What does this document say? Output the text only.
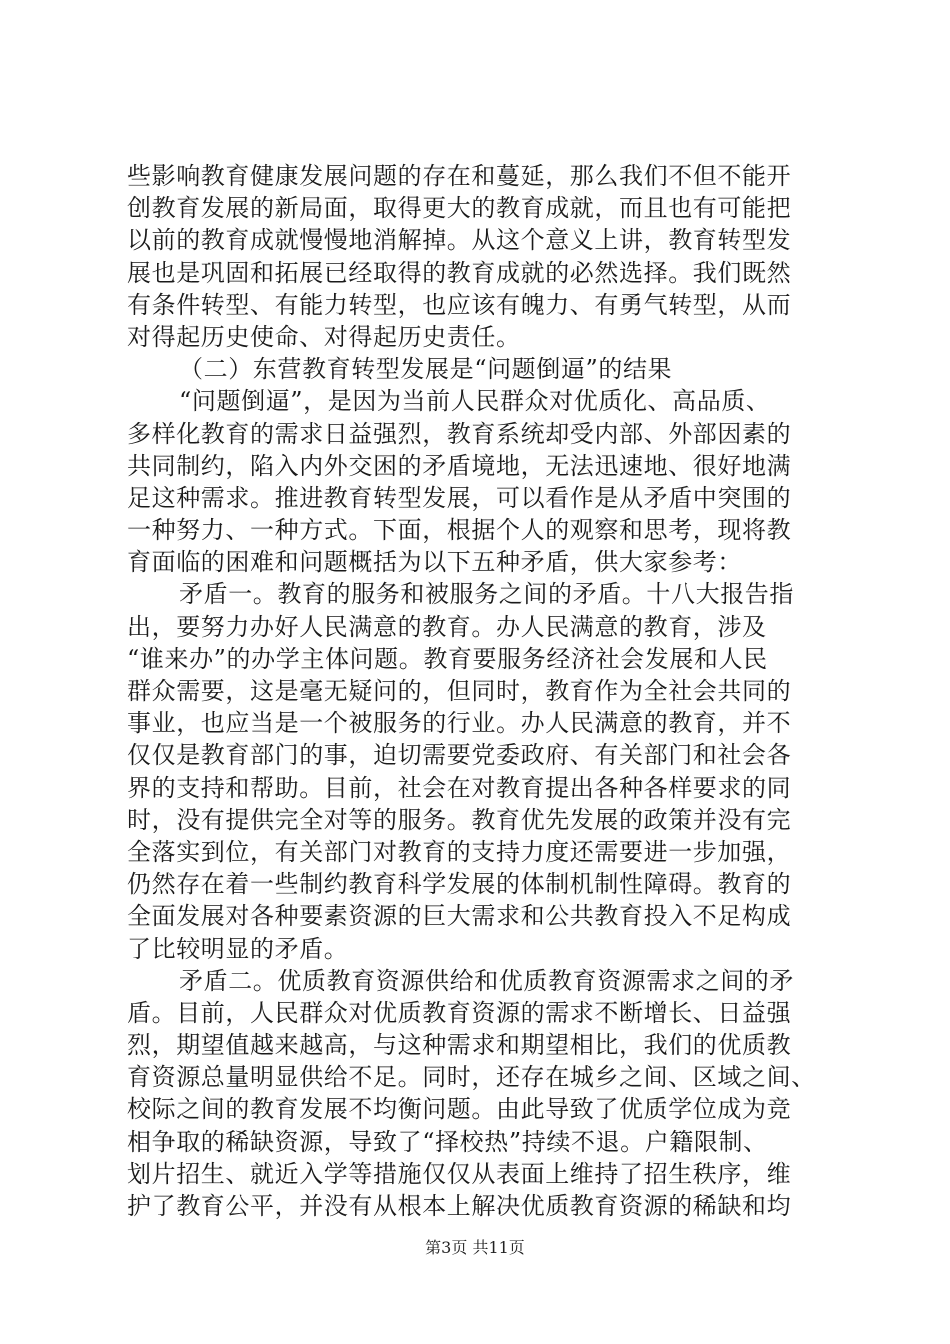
些影响教育健康发展问题的存在和蔓延，那么我们不但不能开
创教育发展的新局面，取得更大的教育成就，而且也有可能把
以前的教育成就慢慢地消解掉。从这个意义上讲，教育转型发
展也是巩固和拓展已经取得的教育成就的必然选择。我们既然
有条件转型、有能力转型，也应该有魄力、有勇气转型，从而
对得起历史使命、对得起历史责任。
（二）东营教育转型发展是“问题倒逼”的结果
“问题倒逼”，是因为当前人民群众对优质化、高品质、
多样化教育的需求日益强烈，教育系统却受内部、外部因素的
共同制约，陷入内外交困的矛盾境地，无法迅速地、很好地满
足这种需求。推进教育转型发展，可以看作是从矛盾中突围的
一种努力、一种方式。下面，根据个人的观察和思考，现将教
育面临的困难和问题概括为以下五种矛盾，供大家参考：
矛盾一。教育的服务和被服务之间的矛盾。十八大报告指
出，要努力办好人民满意的教育。办人民满意的教育，涉及
“谁来办”的办学主体问题。教育要服务经济社会发展和人民
群众需要，这是毫无疑问的，但同时，教育作为全社会共同的
事业，也应当是一个被服务的行业。办人民满意的教育，并不
仅仅是教育部门的事，迫切需要党委政府、有关部门和社会各
界的支持和帮助。目前，社会在对教育提出各种各样要求的同
时，没有提供完全对等的服务。教育优先发展的政策并没有完
全落实到位，有关部门对教育的支持力度还需要进一步加强，
仍然存在着一些制约教育科学发展的体制机制性障碍。教育的
全面发展对各种要素资源的巨大需求和公共教育投入不足构成
了比较明显的矛盾。
矛盾二。优质教育资源供给和优质教育资源需求之间的矛
盾。目前，人民群众对优质教育资源的需求不断增长、日益强
烈，期望值越来越高，与这种需求和期望相比，我们的优质教
育资源总量明显供给不足。同时，还存在城乡之间、区域之间、
校际之间的教育发展不均衡问题。由此导致了优质学位成为竞
相争取的稀缺资源，导致了“择校热”持续不退。户籍限制、
划片招生、就近入学等措施仅仅从表面上维持了招生秩序，维
护了教育公平，并没有从根本上解决优质教育资源的稀缺和均
第3页 共11页
